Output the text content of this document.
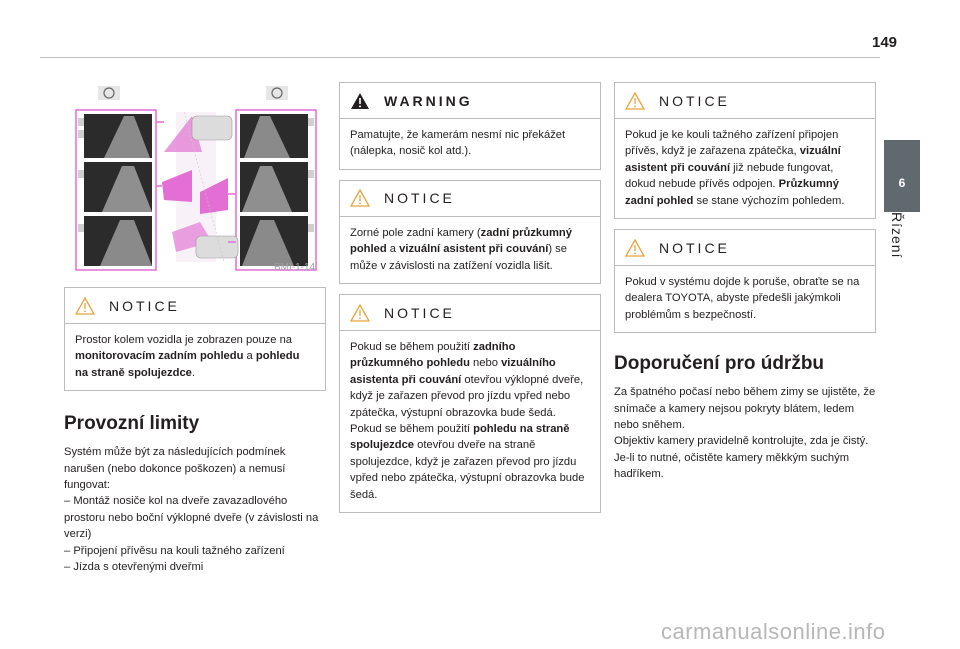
149
6
Řízení
BMI-1-14
NOTICE
Prostor kolem vozidla je zobrazen pouze na monitorovacím zadním pohledu a pohledu na straně spolujezdce.
Provozní limity
Systém může být za následujících podmínek narušen (nebo dokonce poškozen) a nemusí fungovat:
– Montáž nosiče kol na dveře zavazadlového prostoru nebo boční výklopné dveře (v závislosti na verzi)
– Připojení přívěsu na kouli tažného zařízení
– Jízda s otevřenými dveřmi
WARNING
Pamatujte, že kamerám nesmí nic překážet (nálepka, nosič kol atd.).
NOTICE
Zorné pole zadní kamery (zadní průzkumný pohled a vizuální asistent při couvání) se může v závislosti na zatížení vozidla lišit.
NOTICE
Pokud se během použití zadního průzkumného pohledu nebo vizuálního asistenta při couvání otevřou výklopné dveře, když je zařazen převod pro jízdu vpřed nebo zpátečka, výstupní obrazovka bude šedá.
Pokud se během použití pohledu na straně spolujezdce otevřou dveře na straně spolujezdce, když je zařazen převod pro jízdu vpřed nebo zpátečka, výstupní obrazovka bude šedá.
NOTICE
Pokud je ke kouli tažného zařízení připojen přívěs, když je zařazena zpátečka, vizuální asistent při couvání již nebude fungovat, dokud nebude přívěs odpojen. Průzkumný zadní pohled se stane výchozím pohledem.
NOTICE
Pokud v systému dojde k poruše, obraťte se na dealera TOYOTA, abyste předešli jakýmkoli problémům s bezpečností.
Doporučení pro údržbu
Za špatného počasí nebo během zimy se ujistěte, že snímače a kamery nejsou pokryty blátem, ledem nebo sněhem.
Objektiv kamery pravidelně kontrolujte, zda je čistý.
Je-li to nutné, očistěte kamery měkkým suchým hadříkem.
carmanualsonline.info
